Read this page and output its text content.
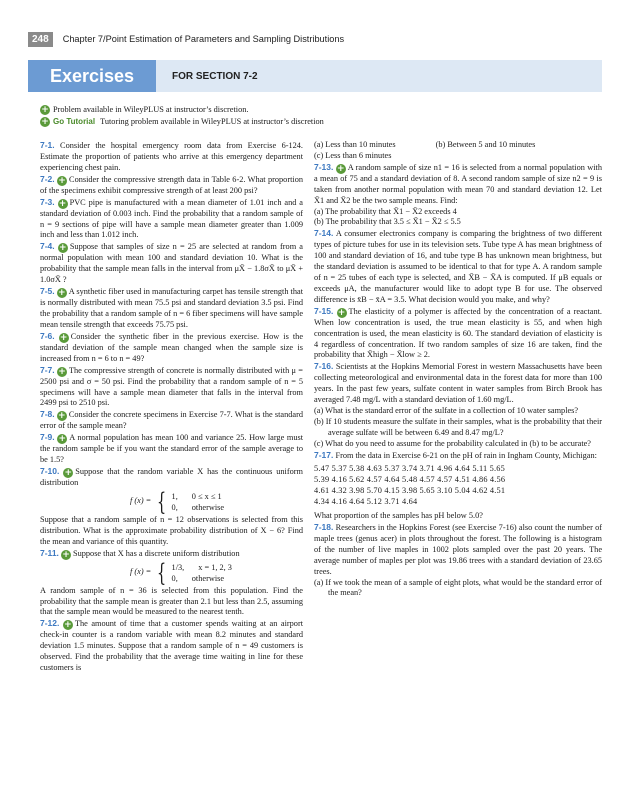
248	Chapter 7/Point Estimation of Parameters and Sampling Distributions
Exercises	FOR SECTION 7-2
+ Problem available in WileyPLUS at instructor’s discretion.
+ Go Tutorial Tutoring problem available in WileyPLUS at instructor’s discretion

7-1. Consider the hospital emergency room data from Exercise 6-124. Estimate the proportion of patients who arrive at this emergency department experiencing chest pain.

7-2. + Consider the compressive strength data in Table 6-2. What proportion of the specimens exhibit compressive strength of at least 200 psi?

7-3. + PVC pipe is manufactured with a mean diameter of 1.01 inch and a standard deviation of 0.003 inch. Find the probability that a random sample of n = 9 sections of pipe will have a sample mean diameter greater than 1.009 inch and less than 1.012 inch.

7-4. + Suppose that samples of size n = 25 are selected at random from a normal population with mean 100 and standard deviation 10. What is the probability that the sample mean falls in the interval from μX̄ − 1.8σX̄ to μX̄ + 1.0σX̄ ?

7-5. + A synthetic fiber used in manufacturing carpet has tensile strength that is normally distributed with mean 75.5 psi and standard deviation 3.5 psi. Find the probability that a random sample of n = 6 fiber specimens will have sample mean tensile strength that exceeds 75.75 psi.

7-6. + Consider the synthetic fiber in the previous exercise. How is the standard deviation of the sample mean changed when the sample size is increased from n = 6 to n = 49?

7-7. + The compressive strength of concrete is normally distributed with μ = 2500 psi and σ = 50 psi. Find the probability that a random sample of n = 5 specimens will have a sample mean diameter that falls in the interval from 2499 psi to 2510 psi.

7-8. + Consider the concrete specimens in Exercise 7-7. What is the standard error of the sample mean?

7-9. + A normal population has mean 100 and variance 25. How large must the random sample be if you want the standard error of the sample average to be 1.5?

7-10. + Suppose that the random variable X has the continuous uniform distribution

f (x) = { 1, 0 ≤ x ≤ 1
0, otherwise

Suppose that a random sample of n = 12 observations is selected from this distribution. What is the approximate probability distribution of X − 6? Find the mean and variance of this quantity.

7-11. + Suppose that X has a discrete uniform distribution

f (x) = { 1/3, x = 1, 2, 3
0, otherwise

A random sample of n = 36 is selected from this population. Find the probability that the sample mean is greater than 2.1 but less than 2.5, assuming that the sample mean would be measured to the nearest tenth.

7-12. + The amount of time that a customer spends waiting at an airport check-in counter is a random variable with mean 8.2 minutes and standard deviation 1.5 minutes. Suppose that a random sample of n = 49 customers is observed. Find the probability that the average time waiting in line for these customers is

(a) Less than 10 minutes	(b) Between 5 and 10 minutes

(c) Less than 6 minutes

7-13. + A random sample of size n1 = 16 is selected from a normal population with a mean of 75 and a standard deviation of 8. A second random sample of size n2 = 9 is taken from another normal population with mean 70 and standard deviation 12. Let X̄1 and X̄2 be the two sample means. Find:

(a) The probability that X̄1 − X̄2 exceeds 4

(b) The probability that 3.5 ≤ X̄1 − X̄2 ≤ 5.5

7-14. A consumer electronics company is comparing the brightness of two different types of picture tubes for use in its television sets. Tube type A has mean brightness of 100 and standard deviation of 16, and tube type B has unknown mean brightness, but the standard deviation is assumed to be identical to that for type A. A random sample of n = 25 tubes of each type is selected, and X̄B − X̄A is computed. If μB equals or exceeds μA, the manufacturer would like to adopt type B for use. The observed difference is x̄B − x̄A = 3.5. What decision would you make, and why?

7-15. + The elasticity of a polymer is affected by the concentration of a reactant. When low concentration is used, the true mean elasticity is 55, and when high concentration is used, the mean elasticity is 60. The standard deviation of elasticity is 4 regardless of concentration. If two random samples of size 16 are taken, find the probability that X̄high − X̄low ≥ 2.

7-16. Scientists at the Hopkins Memorial Forest in western Massachusetts have been collecting meteorological and environmental data in the forest data for more than 100 years. In the past few years, sulfate content in water samples from Birch Brook has averaged 7.48 mg/L with a standard deviation of 1.60 mg/L.

(a) What is the standard error of the sulfate in a collection of 10 water samples?

(b) If 10 students measure the sulfate in their samples, what is the probability that their average sulfate will be between 6.49 and 8.47 mg/L?

(c) What do you need to assume for the probability calculated in (b) to be accurate?

7-17. From the data in Exercise 6-21 on the pH of rain in Ingham County, Michigan:

5.47 5.37 5.38 4.63 5.37 3.74 3.71 4.96 4.64 5.11 5.65
5.39 4.16 5.62 4.57 4.64 5.48 4.57 4.57 4.51 4.86 4.56
4.61 4.32 3.98 5.70 4.15 3.98 5.65 3.10 5.04 4.62 4.51
4.34 4.16 4.64 5.12 3.71 4.64

What proportion of the samples has pH below 5.0?

7-18. Researchers in the Hopkins Forest (see Exercise 7-16) also count the number of maple trees (genus acer) in plots throughout the forest. The following is a histogram of the number of live maples in 1002 plots sampled over the past 20 years. The average number of maples per plot was 19.86 trees with a standard deviation of 23.65 trees.

(a) If we took the mean of a sample of eight plots, what would be the standard error of the mean?
